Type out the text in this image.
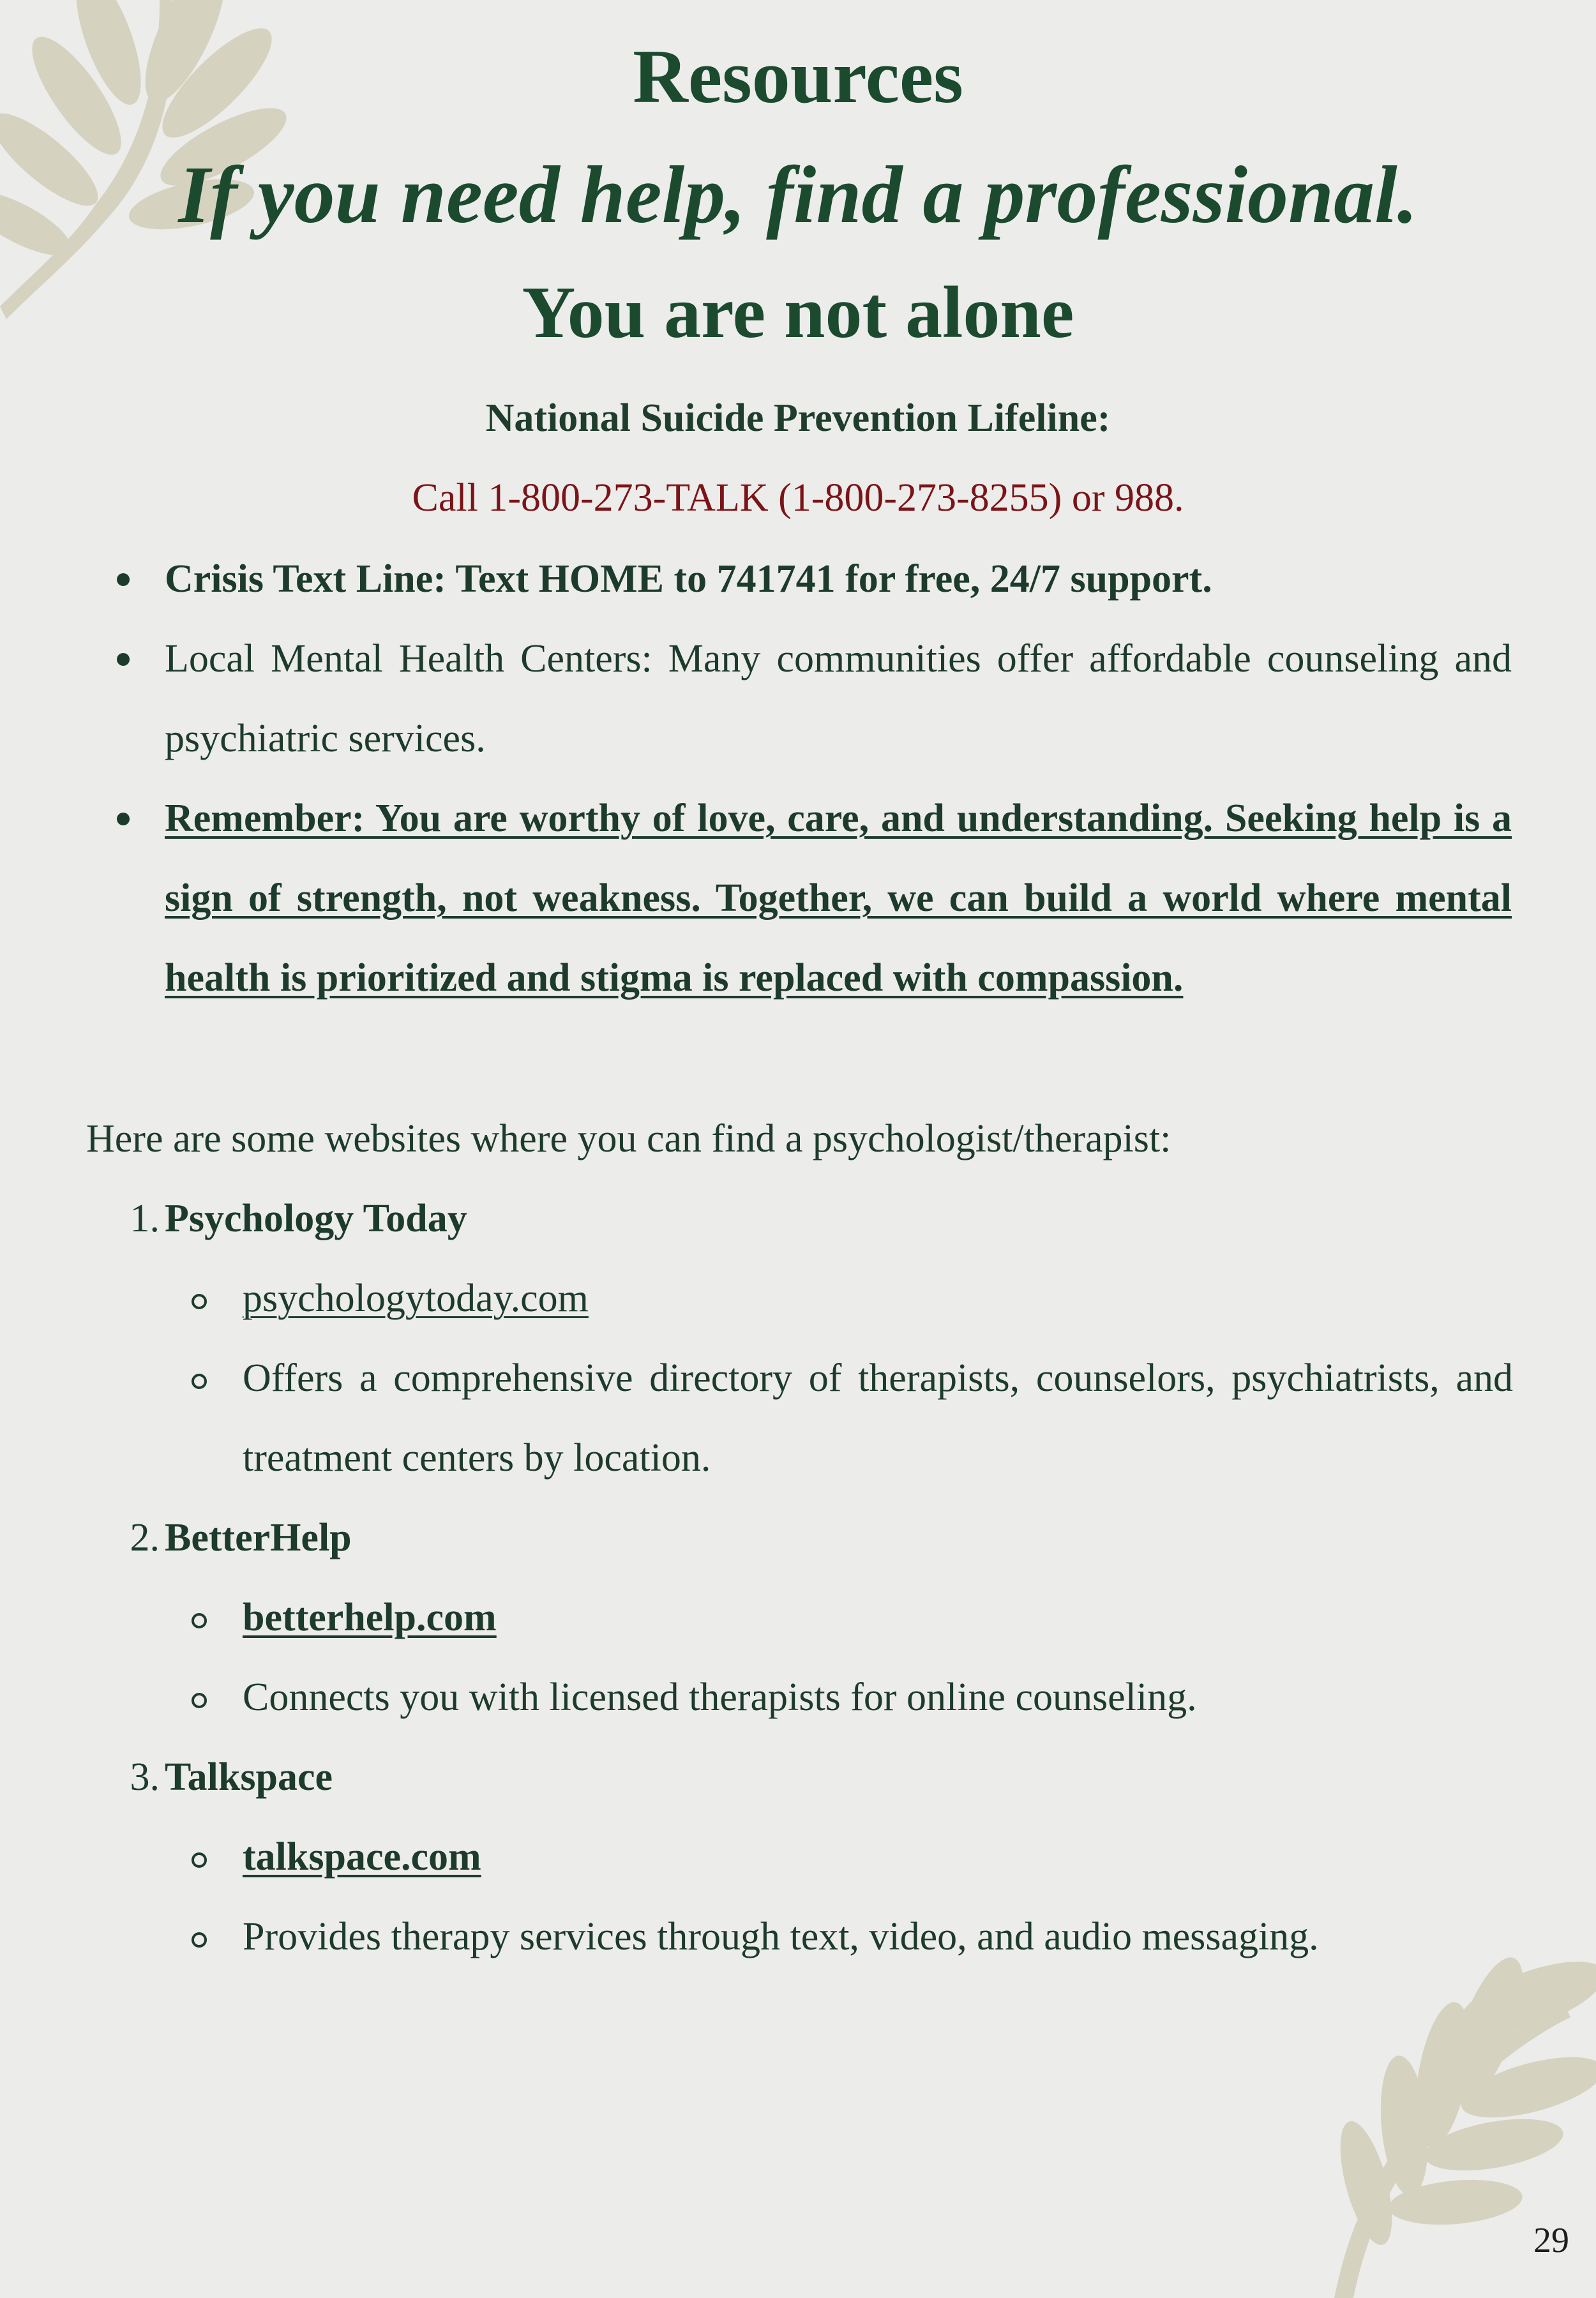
Resources
If you need help, find a professional.
You are not alone
National Suicide Prevention Lifeline:
Call 1-800-273-TALK (1-800-273-8255) or 988.

Crisis Text Line: Text HOME to 741741 for free, 24/7 support.

Local Mental Health Centers: Many communities offer affordable counseling and psychiatric services.

Remember: You are worthy of love, care, and understanding. Seeking help is a sign of strength, not weakness. Together, we can build a world where mental health is prioritized and stigma is replaced with compassion.

Here are some websites where you can find a psychologist/therapist:

1. Psychology Today

psychologytoday.com

Offers a comprehensive directory of therapists, counselors, psychiatrists, and treatment centers by location.

2. BetterHelp

betterhelp.com

Connects you with licensed therapists for online counseling.

3. Talkspace

talkspace.com

Provides therapy services through text, video, and audio messaging.

29
